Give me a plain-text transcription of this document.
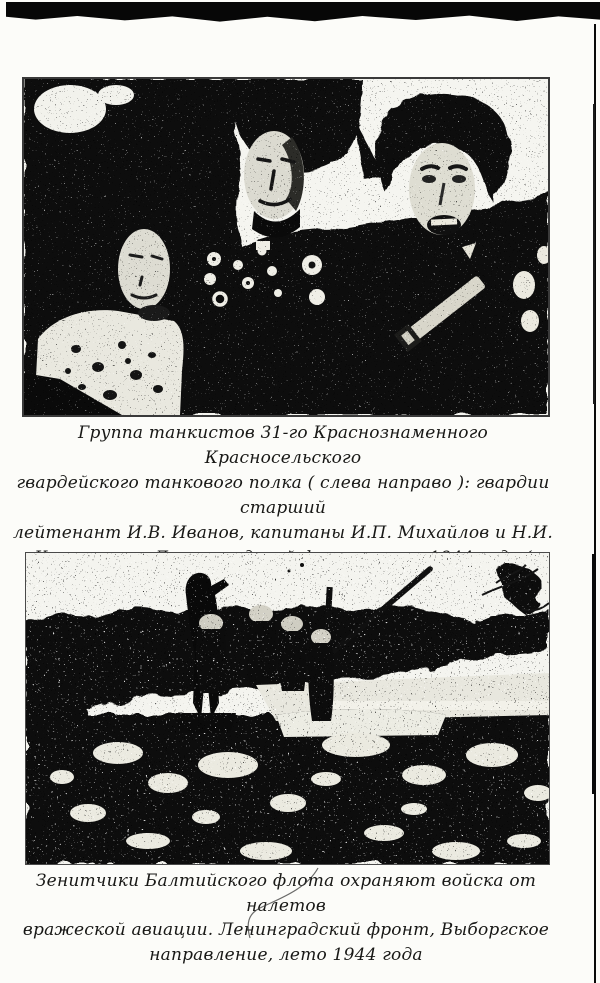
Группа танкистов 31-го Краснознаменного Красносельского
гвардейского танкового полка ( слева направо ): гвардии старший
лейтенант И.В. Иванов, капитаны И.П. Михайлов и Н.И.
Зенитчики Балтийского флота охраняют войска от налетов
вражеской авиации. Ленинградский фронт, Выборгское
направление, лето 1944 года
